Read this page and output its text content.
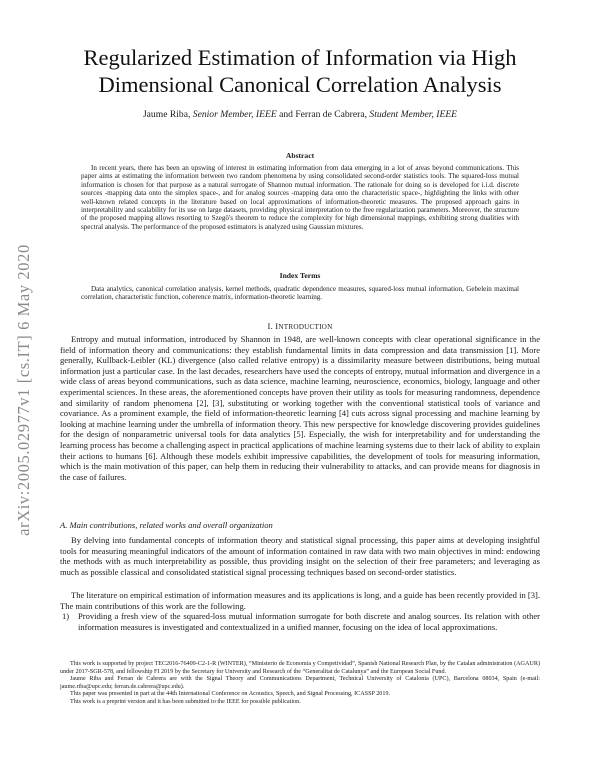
arXiv:2005.02977v1 [cs.IT] 6 May 2020
Regularized Estimation of Information via High Dimensional Canonical Correlation Analysis
Jaume Riba, Senior Member, IEEE and Ferran de Cabrera, Student Member, IEEE
Abstract
In recent years, there has been an upswing of interest in estimating information from data emerging in a lot of areas beyond communications. This paper aims at estimating the information between two random phenomena by using consolidated second-order statistics tools. The squared-loss mutual information is chosen for that purpose as a natural surrogate of Shannon mutual information. The rationale for doing so is developed for i.i.d. discrete sources -mapping data onto the simplex space-, and for analog sources -mapping data onto the characteristic space-, highlighting the links with other well-known related concepts in the literature based on local approximations of information-theoretic measures. The proposed approach gains in interpretability and scalability for its use on large datasets, providing physical interpretation to the free regularization parameters. Moreover, the structure of the proposed mapping allows resorting to Szegö's theorem to reduce the complexity for high dimensional mappings, exhibiting strong dualities with spectral analysis. The performance of the proposed estimators is analyzed using Gaussian mixtures.
Index Terms
Data analytics, canonical correlation analysis, kernel methods, quadratic dependence measures, squared-loss mutual information, Gebelein maximal correlation, characteristic function, coherence matrix, information-theoretic learning.
I. INTRODUCTION
Entropy and mutual information, introduced by Shannon in 1948, are well-known concepts with clear operational significance in the field of information theory and communications: they establish fundamental limits in data compression and data transmission [1]. More generally, Kullback-Leibler (KL) divergence (also called relative entropy) is a dissimilarity measure between distributions, being mutual information just a particular case. In the last decades, researchers have used the concepts of entropy, mutual information and divergence in a wide class of areas beyond communications, such as data science, machine learning, neuroscience, economics, biology, language and other experimental sciences. In these areas, the aforementioned concepts have proven their utility as tools for measuring randomness, dependence and similarity of random phenomena [2], [3], substituting or working together with the conventional statistical tools of variance and covariance. As a prominent example, the field of information-theoretic learning [4] cuts across signal processing and machine learning by looking at machine learning under the umbrella of information theory. This new perspective for knowledge discovering provides guidelines for the design of nonparametric universal tools for data analytics [5]. Especially, the wish for interpretability and for understanding the learning process has become a challenging aspect in practical applications of machine learning systems due to their lack of ability to explain their actions to humans [6]. Although these models exhibit impressive capabilities, the development of tools for measuring information, which is the main motivation of this paper, can help them in reducing their vulnerability to attacks, and can provide means for diagnosis in the case of failures.
A. Main contributions, related works and overall organization
By delving into fundamental concepts of information theory and statistical signal processing, this paper aims at developing insightful tools for measuring meaningful indicators of the amount of information contained in raw data with two main objectives in mind: endowing the methods with as much interpretability as possible, thus providing insight on the selection of their free parameters; and leveraging as much as possible classical and consolidated statistical signal processing techniques based on second-order statistics.
The literature on empirical estimation of information measures and its applications is long, and a guide has been recently provided in [3]. The main contributions of this work are the following.
1) Providing a fresh view of the squared-loss mutual information surrogate for both discrete and analog sources. Its relation with other information measures is investigated and contextualized in a unified manner, focusing on the idea of local approximations.

This work is supported by project TEC2016-76409-C2-1-R (WINTER), “Ministerio de Economia y Competividad”, Spanish National Research Plan, by the Catalan administration (AGAUR) under 2017-SGR-578, and fellowship FI 2019 by the Secretary for University and Research of the “Generalitat de Catalunya” and the European Social Fund.

Jaume Riba and Ferran de Cabrera are with the Signal Theory and Communications Department, Technical University of Catalonia (UPC), Barcelona 08034, Spain (e-mail: jaume.riba@upc.edu; ferran.de.cabrera@upc.edu).

This paper was presented in part at the 44th International Conference on Acoustics, Speech, and Signal Processing, ICASSP 2019.

This work is a preprint version and it has been submitted to the IEEE for possible publication.
